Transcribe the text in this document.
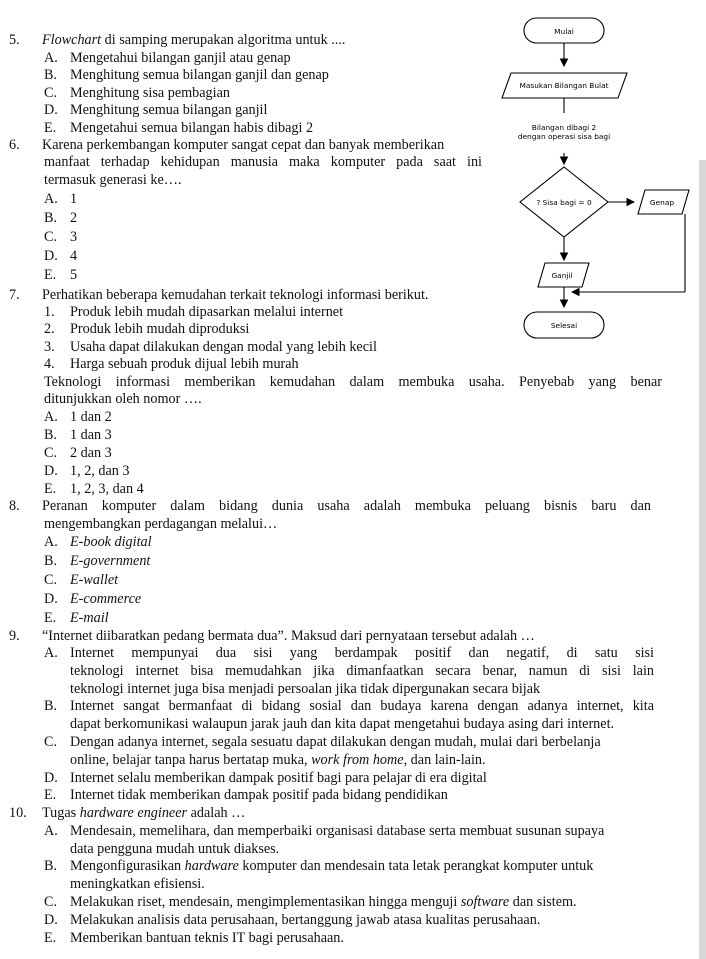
5. Flowchart di samping merupakan algoritma untuk ....
A. Mengetahui bilangan ganjil atau genap
B. Menghitung semua bilangan ganjil dan genap
C. Menghitung sisa pembagian
D. Menghitung semua bilangan ganjil
E. Mengetahui semua bilangan habis dibagi 2
6. Karena perkembangan komputer sangat cepat dan banyak memberikan
manfaat terhadap kehidupan manusia maka komputer pada saat ini
termasuk generasi ke….
A. 1
B. 2
C. 3
D. 4
E. 5
7. Perhatikan beberapa kemudahan terkait teknologi informasi berikut.
1. Produk lebih mudah dipasarkan melalui internet
2. Produk lebih mudah diproduksi
3. Usaha dapat dilakukan dengan modal yang lebih kecil
4. Harga sebuah produk dijual lebih murah
Teknologi informasi memberikan kemudahan dalam membuka usaha. Penyebab yang benar
ditunjukkan oleh nomor ….
A. 1 dan 2
B. 1 dan 3
C. 2 dan 3
D. 1, 2, dan 3
E. 1, 2, 3, dan 4
8. Peranan komputer dalam bidang dunia usaha adalah membuka peluang bisnis baru dan
mengembangkan perdagangan melalui…
A. E-book digital
B. E-government
C. E-wallet
D. E-commerce
E. E-mail
9. “Internet diibaratkan pedang bermata dua”. Maksud dari pernyataan tersebut adalah …
A. Internet mempunyai dua sisi yang berdampak positif dan negatif, di satu sisi
teknologi internet bisa memudahkan jika dimanfaatkan secara benar, namun di sisi lain
teknologi internet juga bisa menjadi persoalan jika tidak dipergunakan secara bijak
B. Internet sangat bermanfaat di bidang sosial dan budaya karena dengan adanya internet, kita
dapat berkomunikasi walaupun jarak jauh dan kita dapat mengetahui budaya asing dari internet.
C. Dengan adanya internet, segala sesuatu dapat dilakukan dengan mudah, mulai dari berbelanja
online, belajar tanpa harus bertatap muka, work from home, dan lain-lain.
D. Internet selalu memberikan dampak positif bagi para pelajar di era digital
E. Internet tidak memberikan dampak positif pada bidang pendidikan
10. Tugas hardware engineer adalah …
A. Mendesain, memelihara, dan memperbaiki organisasi database serta membuat susunan supaya
data pengguna mudah untuk diakses.
B. Mengonfigurasikan hardware komputer dan mendesain tata letak perangkat komputer untuk
meningkatkan efisiensi.
C. Melakukan riset, mendesain, mengimplementasikan hingga menguji software dan sistem.
D. Melakukan analisis data perusahaan, bertanggung jawab atasa kualitas perusahaan.
E. Memberikan bantuan teknis IT bagi perusahaan.
Mulai
Masukan Bilangan Bulat
Bilangan dibagi 2
dengan operasi sisa bagi
? Sisa bagi = 0	Genap
Ganjil
Selesai
